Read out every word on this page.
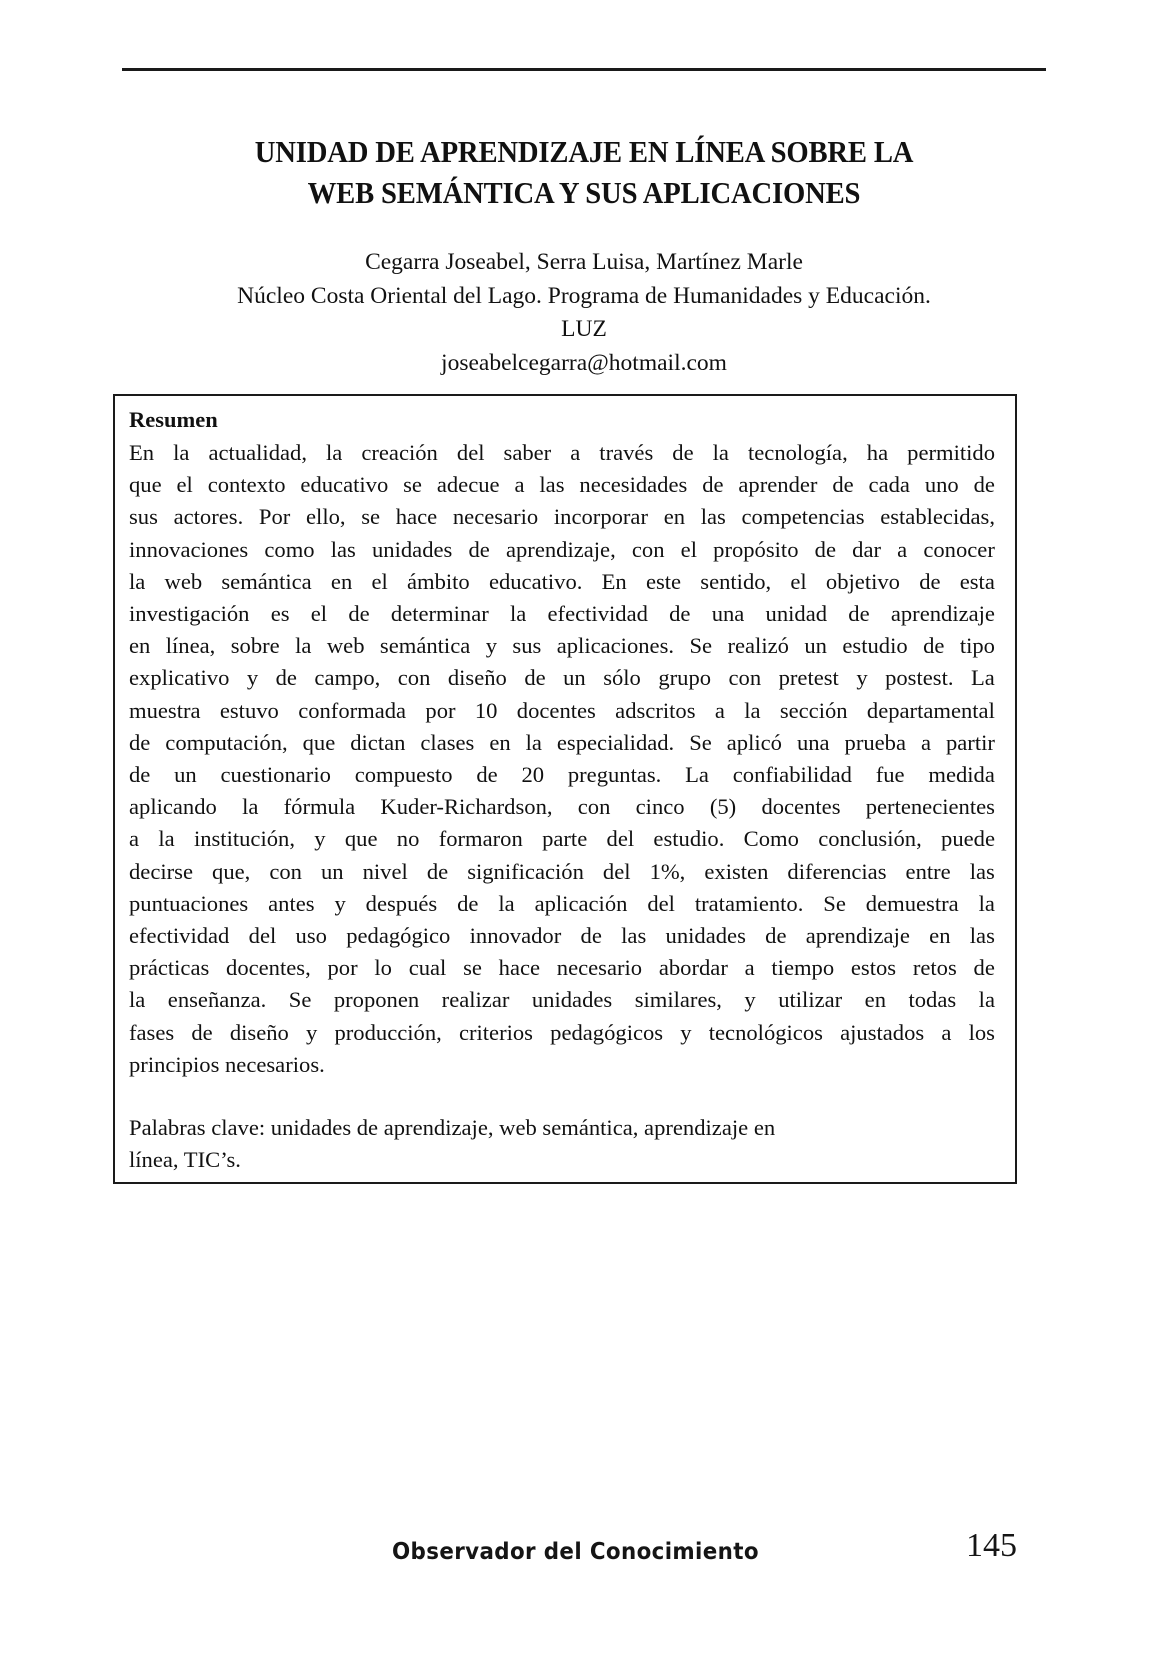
UNIDAD DE APRENDIZAJE EN LÍNEA SOBRE LA
WEB SEMÁNTICA Y SUS APLICACIONES
Cegarra Joseabel, Serra Luisa, Martínez Marle
Núcleo Costa Oriental del Lago. Programa de Humanidades y Educación.
LUZ
joseabelcegarra@hotmail.com
Resumen
En la actualidad, la creación del saber a través de la tecnología, ha permitido
que el contexto educativo se adecue a las necesidades de aprender de cada uno de
sus actores. Por ello, se hace necesario incorporar en las competencias establecidas,
innovaciones como las unidades de aprendizaje, con el propósito de dar a conocer
la web semántica en el ámbito educativo. En este sentido, el objetivo de esta
investigación es el de determinar la efectividad de una unidad de aprendizaje
en línea, sobre la web semántica y sus aplicaciones. Se realizó un estudio de tipo
explicativo y de campo, con diseño de un sólo grupo con pretest y postest. La
muestra estuvo conformada por 10 docentes adscritos a la sección departamental
de computación, que dictan clases en la especialidad. Se aplicó una prueba a partir
de un cuestionario compuesto de 20 preguntas. La confiabilidad fue medida
aplicando la fórmula Kuder-Richardson, con cinco (5) docentes pertenecientes
a la institución, y que no formaron parte del estudio. Como conclusión, puede
decirse que, con un nivel de significación del 1%, existen diferencias entre las
puntuaciones antes y después de la aplicación del tratamiento. Se demuestra la
efectividad del uso pedagógico innovador de las unidades de aprendizaje en las
prácticas docentes, por lo cual se hace necesario abordar a tiempo estos retos de
la enseñanza. Se proponen realizar unidades similares, y utilizar en todas la
fases de diseño y producción, criterios pedagógicos y tecnológicos ajustados a los
principios necesarios.
Palabras clave: unidades de aprendizaje, web semántica, aprendizaje en
línea, TIC’s.
Observador del Conocimiento	145
